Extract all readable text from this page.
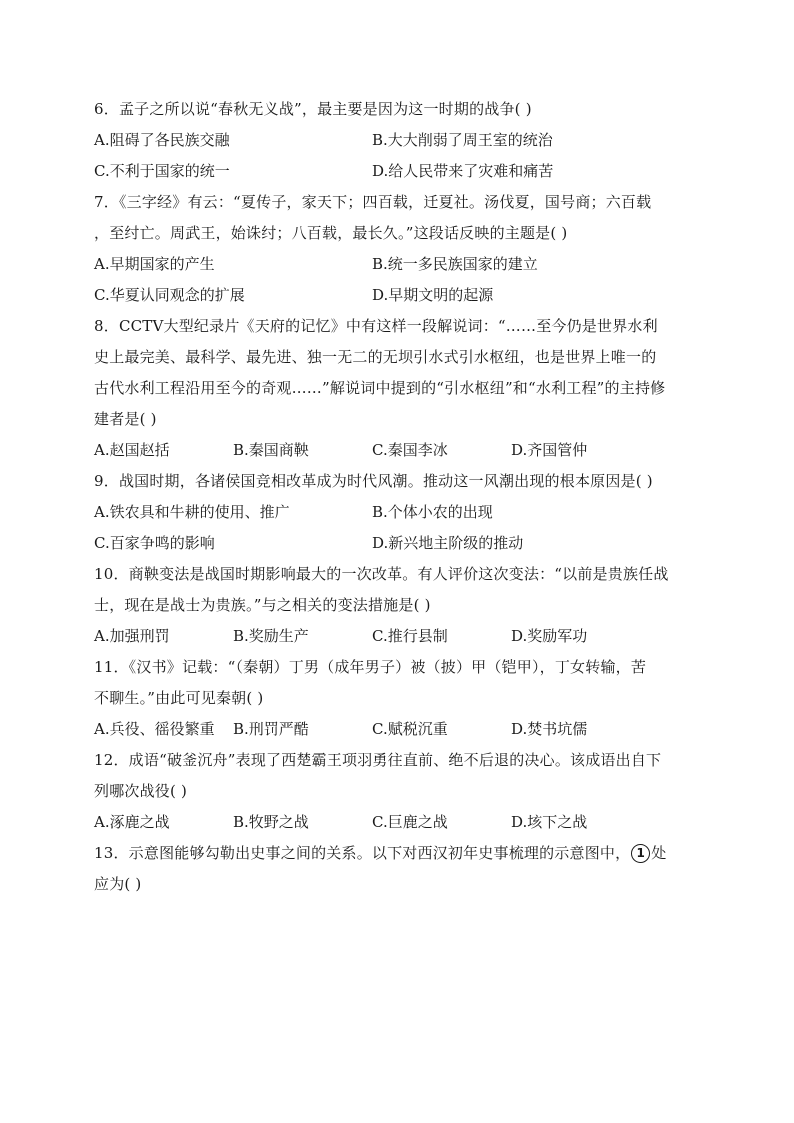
6．孟子之所以说“春秋无义战”，最主要是因为这一时期的战争( )
A.阻碍了各民族交融	B.大大削弱了周王室的统治
C.不利于国家的统一	D.给人民带来了灾难和痛苦
7．《三字经》有云：“夏传子，家天下；四百载，迁夏社。汤伐夏，国号商；六百载
，至纣亡。周武王，始诛纣；八百载，最长久。”这段话反映的主题是( )
A.早期国家的产生	B.统一多民族国家的建立
C.华夏认同观念的扩展	D.早期文明的起源
8．CCTV大型纪录片《天府的记忆》中有这样一段解说词：“……至今仍是世界水利
史上最完美、最科学、最先进、独一无二的无坝引水式引水枢纽，也是世界上唯一的
古代水利工程沿用至今的奇观……”解说词中提到的“引水枢纽”和“水利工程”的主持修
建者是( )
A.赵国赵括	B.秦国商鞅	C.秦国李冰	D.齐国管仲
9．战国时期，各诸侯国竞相改革成为时代风潮。推动这一风潮出现的根本原因是( )
A.铁农具和牛耕的使用、推广	B.个体小农的出现
C.百家争鸣的影响	D.新兴地主阶级的推动
10．商鞅变法是战国时期影响最大的一次改革。有人评价这次变法：“以前是贵族任战
士，现在是战士为贵族。”与之相关的变法措施是( )
A.加强刑罚	B.奖励生产	C.推行县制	D.奖励军功
11．《汉书》记载：“（秦朝）丁男（成年男子）被（披）甲（铠甲），丁女转输，苦
不聊生。”由此可见秦朝( )
A.兵役、徭役繁重	B.刑罚严酷	C.赋税沉重	D.焚书坑儒
12．成语“破釜沉舟”表现了西楚霸王项羽勇往直前、绝不后退的决心。该成语出自下
列哪次战役( )
A.涿鹿之战	B.牧野之战	C.巨鹿之战	D.垓下之战
13．示意图能够勾勒出史事之间的关系。以下对西汉初年史事梳理的示意图中， 1 处
应为( )
